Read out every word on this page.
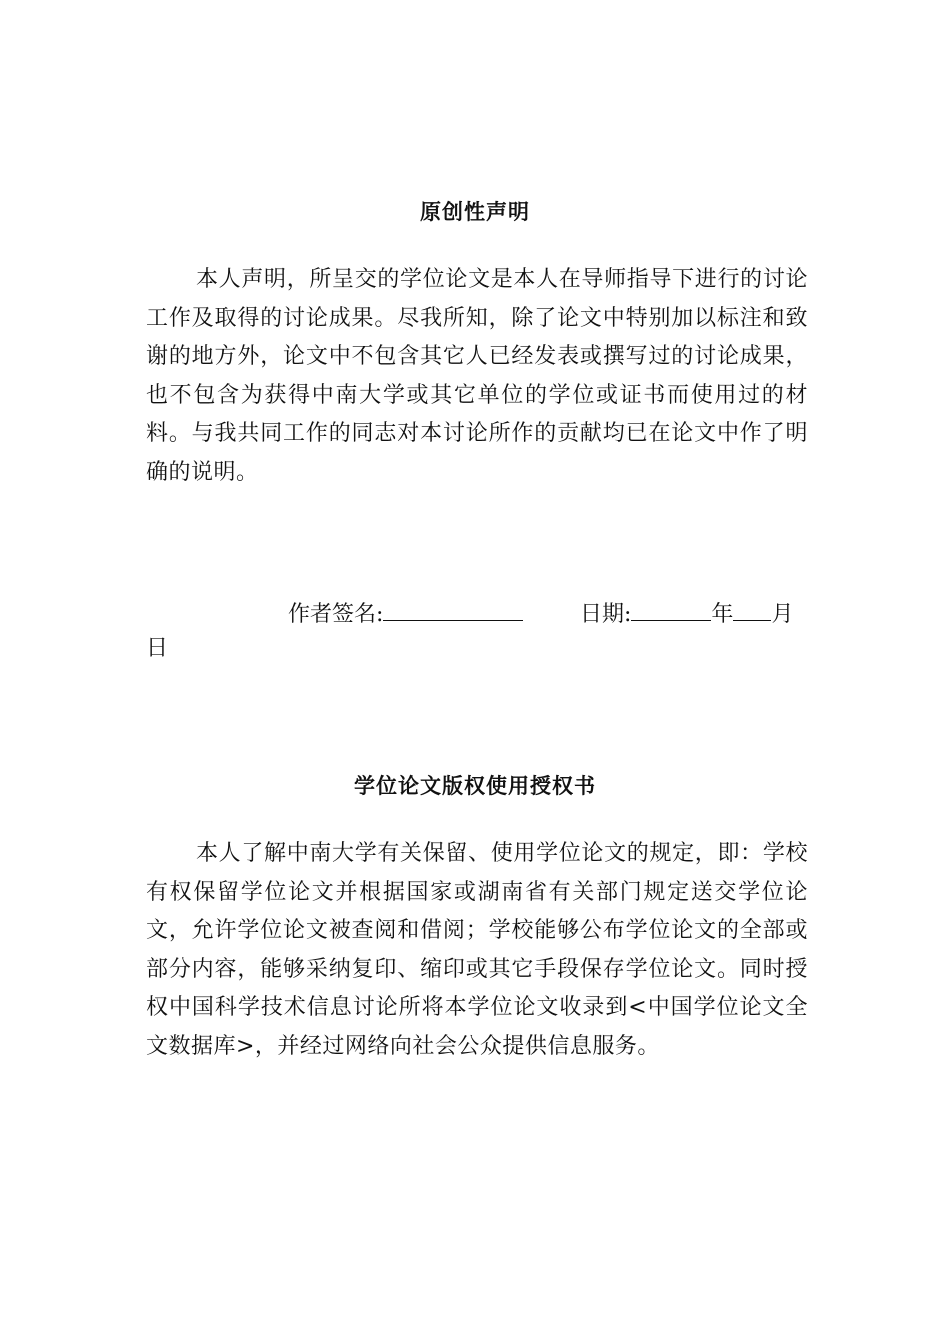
原创性声明

本人声明，所呈交的学位论文是本人在导师指导下进行的讨论工作及取得的讨论成果。尽我所知，除了论文中特别加以标注和致谢的地方外，论文中不包含其它人已经发表或撰写过的讨论成果，也不包含为获得中南大学或其它单位的学位或证书而使用过的材料。与我共同工作的同志对本讨论所作的贡献均已在论文中作了明确的说明。

作者签名:	日期:	年 月
日
学位论文版权使用授权书

本人了解中南大学有关保留、使用学位论文的规定，即：学校有权保留学位论文并根据国家或湖南省有关部门规定送交学位论文，允许学位论文被查阅和借阅；学校能够公布学位论文的全部或部分内容，能够采纳复印、缩印或其它手段保存学位论文。同时授权中国科学技术信息讨论所将本学位论文收录到<中国学位论文全文数据库>，并经过网络向社会公众提供信息服务。
